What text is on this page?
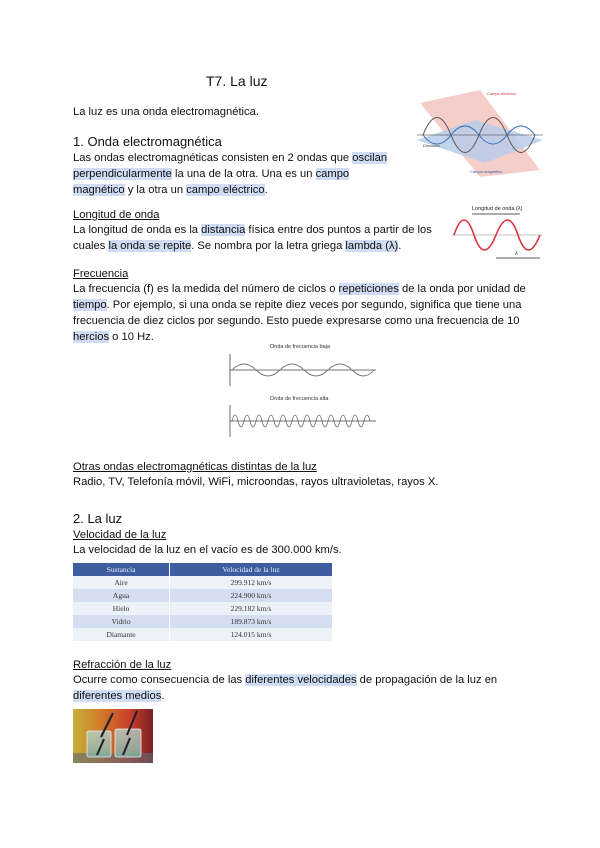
T7. La luz

La luz es una onda electromagnética.

1. Onda electromagnética
Las ondas electromagnéticas consisten en 2 ondas que oscilan
perpendicularmente la una de la otra. Una es un campo
magnético y la otra un campo eléctrico.
Campo eléctrico
Campo magnético
Dirección
Longitud de onda
La longitud de onda es la distancia física entre dos puntos a partir de los
cuales la onda se repite. Se nombra por la letra griega lambda (λ).
Longitud de onda (λ)
λ
Frecuencia
La frecuencia (f) es la medida del número de ciclos o repeticiones de la onda por unidad de
tiempo. Por ejemplo, si una onda se repite diez veces por segundo, significa que tiene una
frecuencia de diez ciclos por segundo. Esto puede expresarse como una frecuencia de 10
hercios o 10 Hz.
Onda de frecuencia baja
Onda de frecuencia alta
Otras ondas electromagnéticas distintas de la luz
Radio, TV, Telefonía móvil, WiFi, microondas, rayos ultravioletas, rayos X.
2. La luz
Velocidad de la luz
La velocidad de la luz en el vacío es de 300.000 km/s.
Sustancia	Velocidad de la luz
Aire	299.912 km/s
Agua	224.900 km/s
Hielo	229.182 km/s
Vidrio	189.873 km/s
Diamante	124.015 km/s
Refracción de la luz
Ocurre como consecuencia de las diferentes velocidades de propagación de la luz en
diferentes medios.
